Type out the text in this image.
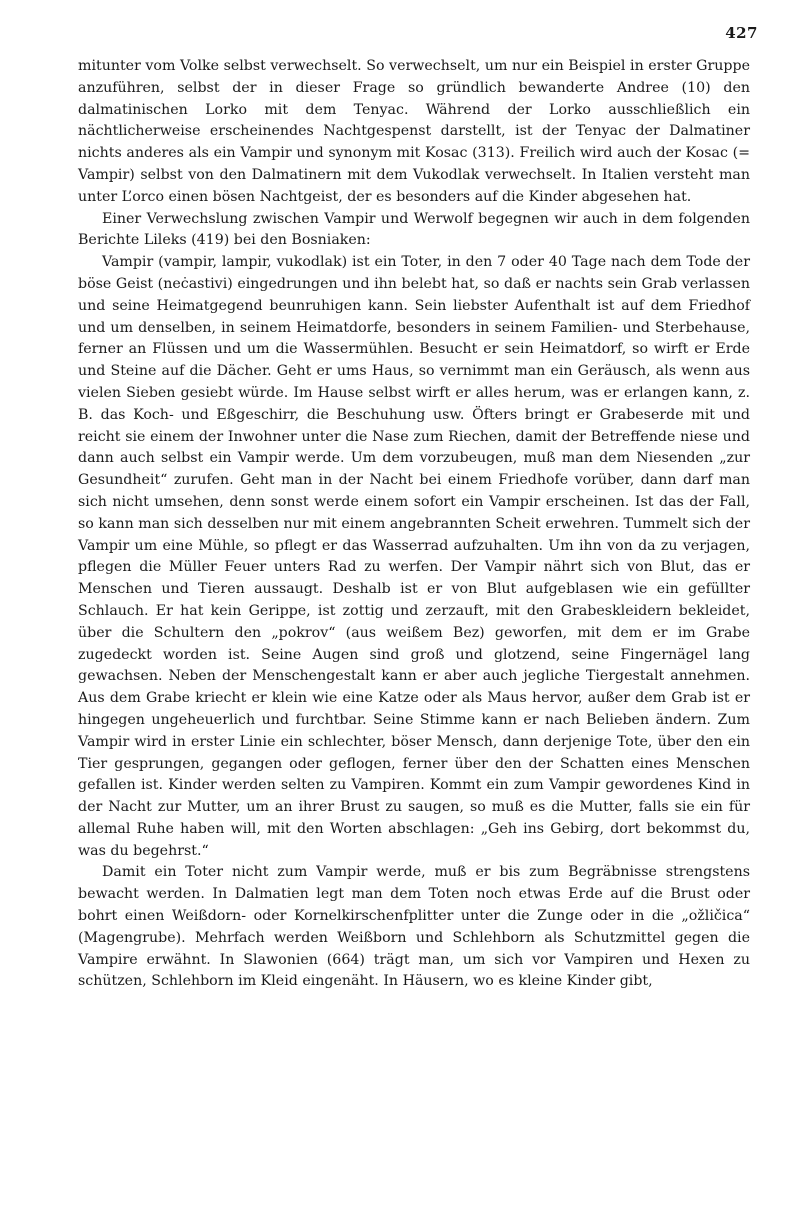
427

mitunter vom Volke selbst verwechselt. So verwechselt, um nur ein Beispiel in erster Gruppe anzuführen, selbst der in dieser Frage so gründlich bewanderte Andree (10) den dalmatinischen Lorko mit dem Tenyac. Während der Lorko ausschließlich ein nächtlicherweise erscheinendes Nachtgespenst darstellt, ist der Tenyac der Dalmatiner nichts anderes als ein Vampir und synonym mit Kosac (313). Freilich wird auch der Kosac (= Vampir) selbst von den Dalmatinern mit dem Vukodlak verwechselt. In Italien versteht man unter L’orco einen bösen Nachtgeist, der es besonders auf die Kinder abgesehen hat.

Einer Verwechslung zwischen Vampir und Werwolf begegnen wir auch in dem folgenden Berichte Lileks (419) bei den Bosniaken:

Vampir (vampir, lampir, vukodlak) ist ein Toter, in den 7 oder 40 Tage nach dem Tode der böse Geist (neċastivi) eingedrungen und ihn belebt hat, so daß er nachts sein Grab verlassen und seine Heimatgegend beunruhigen kann. Sein liebster Aufenthalt ist auf dem Friedhof und um denselben, in seinem Heimatdorfe, besonders in seinem Familien- und Sterbehause, ferner an Flüssen und um die Wassermühlen. Besucht er sein Heimatdorf, so wirft er Erde und Steine auf die Dächer. Geht er ums Haus, so vernimmt man ein Geräusch, als wenn aus vielen Sieben gesiebt würde. Im Hause selbst wirft er alles herum, was er erlangen kann, z. B. das Koch- und Eßgeschirr, die Beschuhung usw. Öfters bringt er Grabeserde mit und reicht sie einem der Inwohner unter die Nase zum Riechen, damit der Betreffende niese und dann auch selbst ein Vampir werde. Um dem vorzubeugen, muß man dem Niesenden „zur Gesundheit“ zurufen. Geht man in der Nacht bei einem Friedhofe vorüber, dann darf man sich nicht umsehen, denn sonst werde einem sofort ein Vampir erscheinen. Ist das der Fall, so kann man sich desselben nur mit einem angebrannten Scheit erwehren. Tummelt sich der Vampir um eine Mühle, so pflegt er das Wasserrad aufzuhalten. Um ihn von da zu verjagen, pflegen die Müller Feuer unters Rad zu werfen. Der Vampir nährt sich von Blut, das er Menschen und Tieren aussaugt. Deshalb ist er von Blut aufgeblasen wie ein gefüllter Schlauch. Er hat kein Gerippe, ist zottig und zerzauft, mit den Grabeskleidern bekleidet, über die Schultern den „pokrov“ (aus weißem Bez) geworfen, mit dem er im Grabe zugedeckt worden ist. Seine Augen sind groß und glotzend, seine Fingernägel lang gewachsen. Neben der Menschengestalt kann er aber auch jegliche Tiergestalt annehmen. Aus dem Grabe kriecht er klein wie eine Katze oder als Maus hervor, außer dem Grab ist er hingegen ungeheuerlich und furchtbar. Seine Stimme kann er nach Belieben ändern. Zum Vampir wird in erster Linie ein schlechter, böser Mensch, dann derjenige Tote, über den ein Tier gesprungen, gegangen oder geflogen, ferner über den der Schatten eines Menschen gefallen ist. Kinder werden selten zu Vampiren. Kommt ein zum Vampir gewordenes Kind in der Nacht zur Mutter, um an ihrer Brust zu saugen, so muß es die Mutter, falls sie ein für allemal Ruhe haben will, mit den Worten abschlagen: „Geh ins Gebirg, dort bekommst du, was du begehrst.“

Damit ein Toter nicht zum Vampir werde, muß er bis zum Begräbnisse strengstens bewacht werden. In Dalmatien legt man dem Toten noch etwas Erde auf die Brust oder bohrt einen Weißdorn- oder Kornelkirschenfplitter unter die Zunge oder in die „ožličica“ (Magengrube). Mehrfach werden Weißborn und Schlehborn als Schutzmittel gegen die Vampire erwähnt. In Slawonien (664) trägt man, um sich vor Vampiren und Hexen zu schützen, Schlehborn im Kleid eingenäht. In Häusern, wo es kleine Kinder gibt,
